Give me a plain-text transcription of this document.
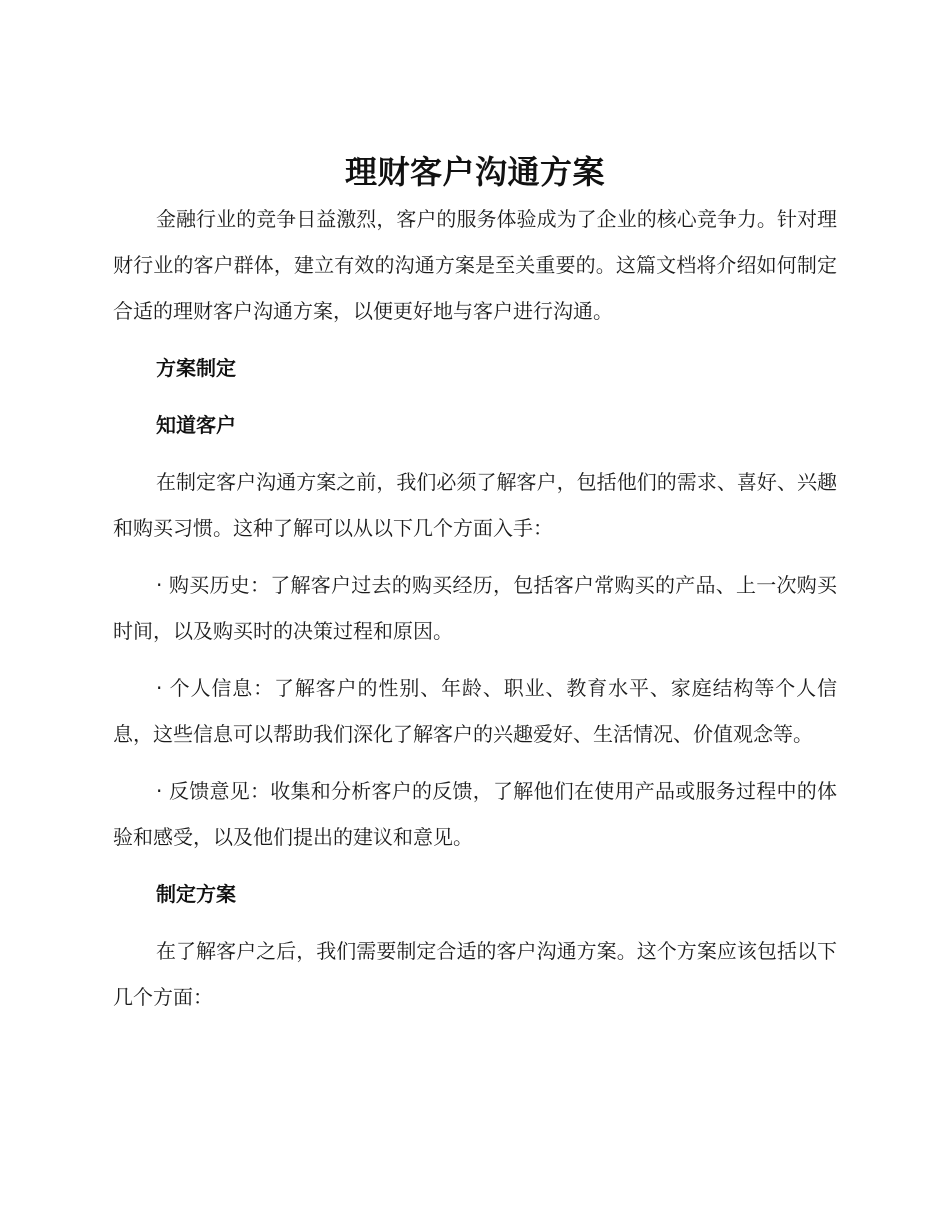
理财客户沟通方案

金融行业的竞争日益激烈，客户的服务体验成为了企业的核心竞争力。针对理财行业的客户群体，建立有效的沟通方案是至关重要的。这篇文档将介绍如何制定合适的理财客户沟通方案，以便更好地与客户进行沟通。

方案制定

知道客户

在制定客户沟通方案之前，我们必须了解客户，包括他们的需求、喜好、兴趣和购买习惯。这种了解可以从以下几个方面入手：

· 购买历史：了解客户过去的购买经历，包括客户常购买的产品、上一次购买时间，以及购买时的决策过程和原因。

· 个人信息：了解客户的性别、年龄、职业、教育水平、家庭结构等个人信息，这些信息可以帮助我们深化了解客户的兴趣爱好、生活情况、价值观念等。

· 反馈意见：收集和分析客户的反馈，了解他们在使用产品或服务过程中的体验和感受，以及他们提出的建议和意见。

制定方案

在了解客户之后，我们需要制定合适的客户沟通方案。这个方案应该包括以下几个方面：
